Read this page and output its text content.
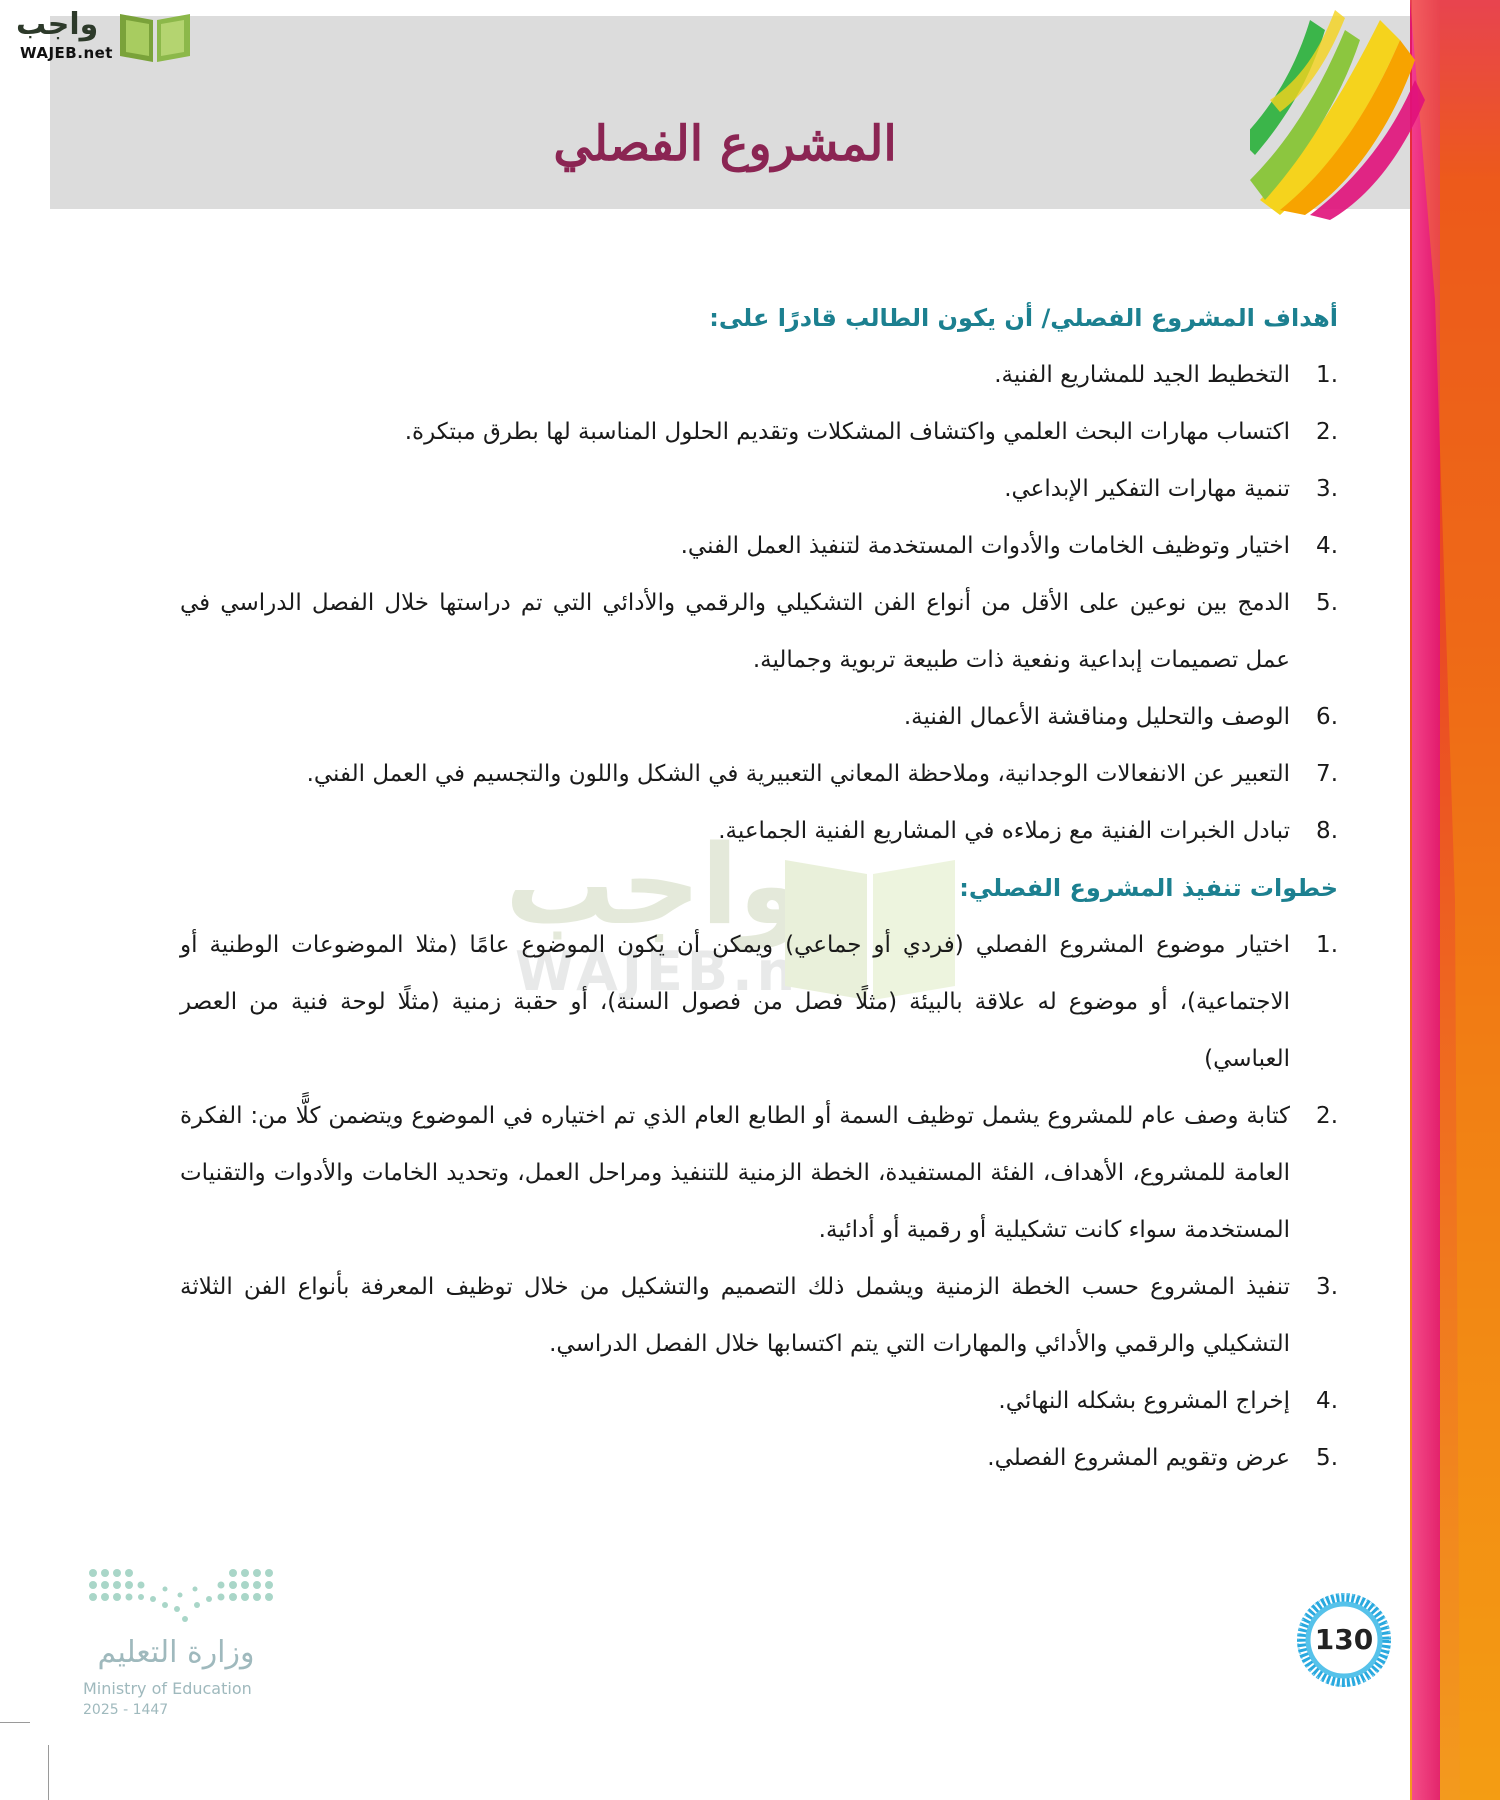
واجب
WAJEB.net
المشروع الفصلي
واجب
WAJEB.net

أهداف المشروع الفصلي/ أن يكون الطالب قادرًا على:

.1
التخطيط الجيد للمشاريع الفنية.
.2
اكتساب مهارات البحث العلمي واكتشاف المشكلات وتقديم الحلول المناسبة لها بطرق مبتكرة.
.3
تنمية مهارات التفكير الإبداعي.
.4
اختيار وتوظيف الخامات والأدوات المستخدمة لتنفيذ العمل الفني.
.5
الدمج بين نوعين على الأقل من أنواع الفن التشكيلي والرقمي والأدائي التي تم دراستها خلال الفصل الدراسي في عمل تصميمات إبداعية ونفعية ذات طبيعة تربوية وجمالية.
.6
الوصف والتحليل ومناقشة الأعمال الفنية.
.7
التعبير عن الانفعالات الوجدانية، وملاحظة المعاني التعبيرية في الشكل واللون والتجسيم في العمل الفني.
.8
تبادل الخبرات الفنية مع زملاءه في المشاريع الفنية الجماعية.

خطوات تنفيذ المشروع الفصلي:

.1
اختيار موضوع المشروع الفصلي (فردي أو جماعي) ويمكن أن يكون الموضوع عامًا (مثلا الموضوعات الوطنية أو الاجتماعية)، أو موضوع له علاقة بالبيئة (مثلًا فصل من فصول السنة)، أو حقبة زمنية (مثلًا لوحة فنية من العصر العباسي)
.2
كتابة وصف عام للمشروع يشمل توظيف السمة أو الطابع العام الذي تم اختياره في الموضوع ويتضمن كلًّا من: الفكرة العامة للمشروع، الأهداف، الفئة المستفيدة، الخطة الزمنية للتنفيذ ومراحل العمل، وتحديد الخامات والأدوات والتقنيات المستخدمة سواء كانت تشكيلية أو رقمية أو أدائية.
.3
تنفيذ المشروع حسب الخطة الزمنية ويشمل ذلك التصميم والتشكيل من خلال توظيف المعرفة بأنواع الفن الثلاثة التشكيلي والرقمي والأدائي والمهارات التي يتم اكتسابها خلال الفصل الدراسي.
.4
إخراج المشروع بشكله النهائي.
.5
عرض وتقويم المشروع الفصلي.
وزارة التعليم
Ministry of Education
2025 - 1447
130
